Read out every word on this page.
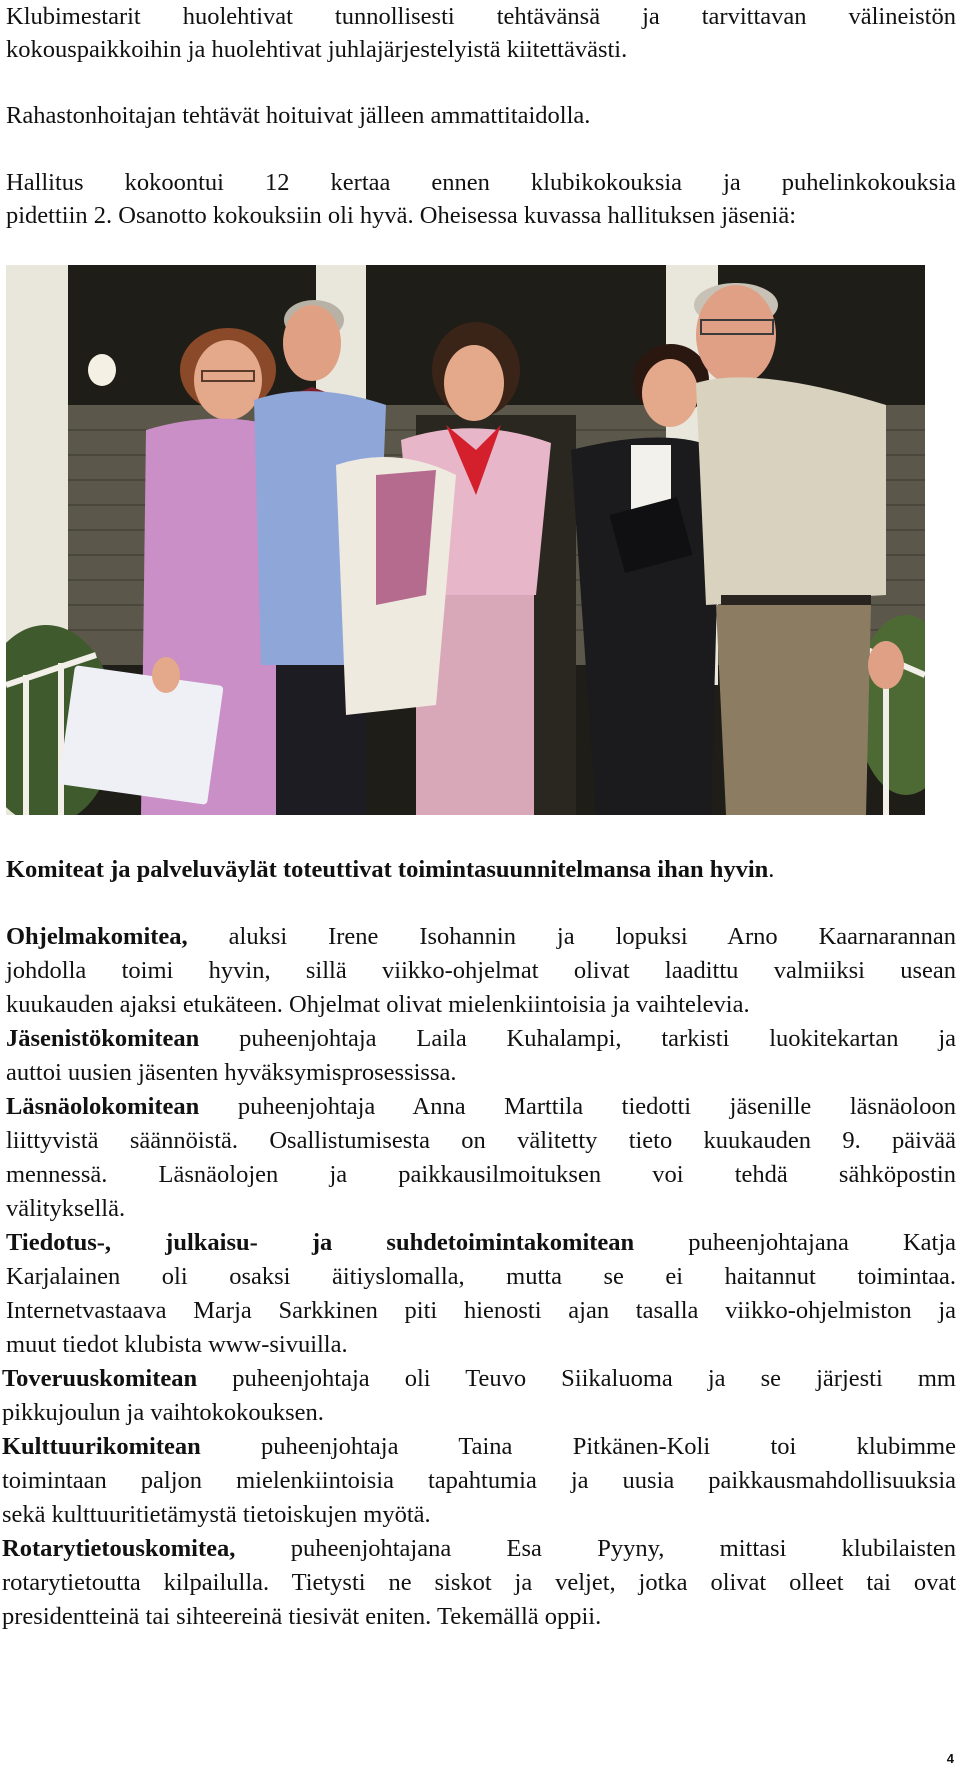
Klubimestarit huolehtivat tunnollisesti tehtävänsä ja tarvittavan välineistön
kokouspaikkoihin ja huolehtivat juhlajärjestelyistä kiitettävästi.
Rahastonhoitajan tehtävät hoituivat jälleen ammattitaidolla.
Hallitus kokoontui 12 kertaa ennen klubikokouksia ja puhelinkokouksia
pidettiin 2. Osanotto kokouksiin oli hyvä. Oheisessa kuvassa hallituksen jäseniä:
Komiteat ja palveluväylät toteuttivat toimintasuunnitelmansa ihan hyvin.
Ohjelmakomitea, aluksi Irene Isohannin ja lopuksi Arno Kaarnarannan
johdolla toimi hyvin, sillä viikko-ohjelmat olivat laadittu valmiiksi usean
kuukauden ajaksi etukäteen. Ohjelmat olivat mielenkiintoisia ja vaihtelevia.
Jäsenistökomitean puheenjohtaja Laila Kuhalampi, tarkisti luokitekartan ja
auttoi uusien jäsenten hyväksymisprosessissa.
Läsnäolokomitean puheenjohtaja Anna Marttila tiedotti jäsenille läsnäoloon
liittyvistä säännöistä. Osallistumisesta on välitetty tieto kuukauden 9. päivää
mennessä. Läsnäolojen ja paikkausilmoituksen voi tehdä sähköpostin
välityksellä.
Tiedotus-, julkaisu- ja suhdetoimintakomitean puheenjohtajana Katja
Karjalainen oli osaksi äitiyslomalla, mutta se ei haitannut toimintaa.
Internetvastaava Marja Sarkkinen piti hienosti ajan tasalla viikko-ohjelmiston ja
muut tiedot klubista www-sivuilla.
Toveruuskomitean puheenjohtaja oli Teuvo Siikaluoma ja se järjesti mm
pikkujoulun ja vaihtokokouksen.
Kulttuurikomitean puheenjohtaja Taina Pitkänen-Koli toi klubimme
toimintaan paljon mielenkiintoisia tapahtumia ja uusia paikkausmahdollisuuksia
sekä kulttuuritietämystä tietoiskujen myötä.
Rotarytietouskomitea, puheenjohtajana Esa Pyyny, mittasi klubilaisten
rotarytietoutta kilpailulla. Tietysti ne siskot ja veljet, jotka olivat olleet tai ovat
presidentteinä tai sihteereinä tiesivät eniten. Tekemällä oppii.
4
